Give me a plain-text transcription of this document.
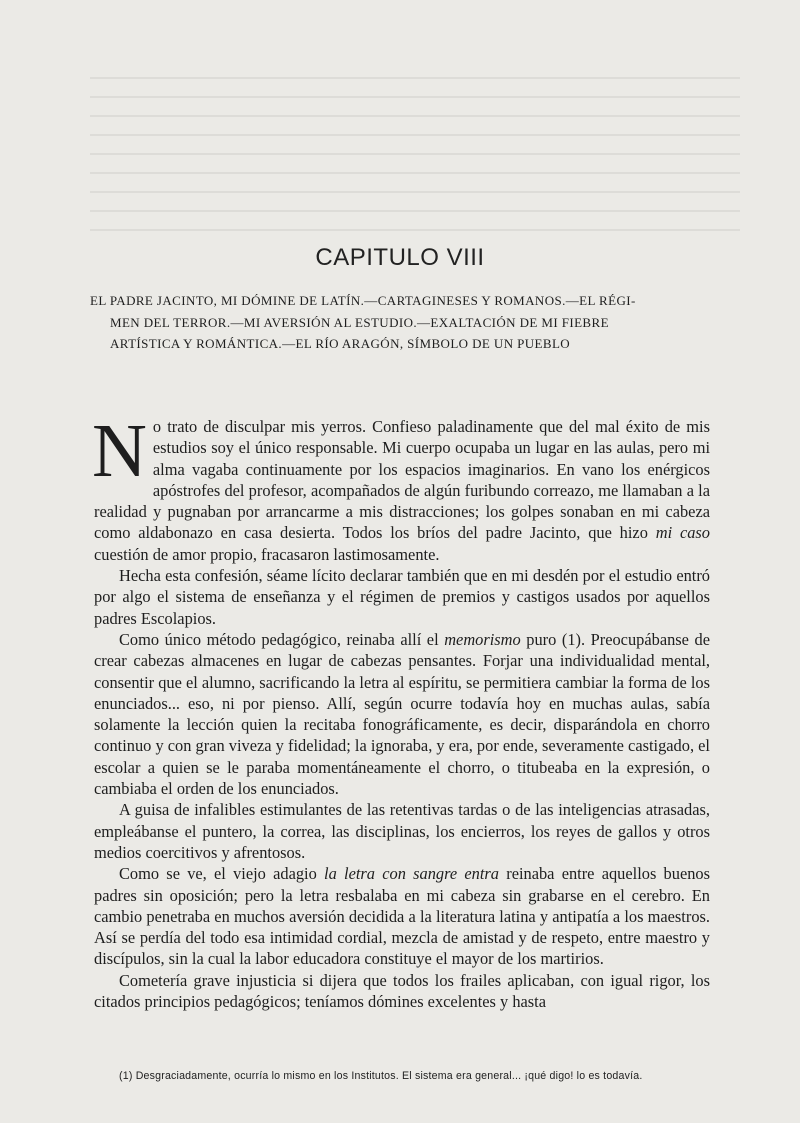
CAPITULO VIII
EL PADRE JACINTO, MI DÓMINE DE LATÍN.—CARTAGINESES Y ROMANOS.—EL RÉGI-
MEN DEL TERROR.—MI AVERSIÓN AL ESTUDIO.—EXALTACIÓN DE MI FIEBRE
ARTÍSTICA Y ROMÁNTICA.—EL RÍO ARAGÓN, SÍMBOLO DE UN PUEBLO

No trato de disculpar mis yerros. Confieso paladinamente que del mal éxito de mis estudios soy el único responsable. Mi cuerpo ocupaba un lugar en las aulas, pero mi alma vagaba continuamente por los espacios imaginarios. En vano los enérgicos apóstrofes del profesor, acompañados de algún furibundo correazo, me llamaban a la realidad y pugnaban por arrancarme a mis distracciones; los golpes sonaban en mi cabeza como aldabonazo en casa desierta. Todos los bríos del padre Jacinto, que hizo mi caso cuestión de amor propio, fracasaron lastimosamente.

Hecha esta confesión, séame lícito declarar también que en mi desdén por el estudio entró por algo el sistema de enseñanza y el régimen de premios y castigos usados por aquellos padres Escolapios.

Como único método pedagógico, reinaba allí el memorismo puro (1). Preocupábanse de crear cabezas almacenes en lugar de cabezas pensantes. Forjar una individualidad mental, consentir que el alumno, sacrificando la letra al espíritu, se permitiera cambiar la forma de los enunciados... eso, ni por pienso. Allí, según ocurre todavía hoy en muchas aulas, sabía solamente la lección quien la recitaba fonográficamente, es decir, disparándola en chorro continuo y con gran viveza y fidelidad; la ignoraba, y era, por ende, severamente castigado, el escolar a quien se le paraba momentáneamente el chorro, o titubeaba en la expresión, o cambiaba el orden de los enunciados.

A guisa de infalibles estimulantes de las retentivas tardas o de las inteligencias atrasadas, empleábanse el puntero, la correa, las disciplinas, los encierros, los reyes de gallos y otros medios coercitivos y afrentosos.

Como se ve, el viejo adagio la letra con sangre entra reinaba entre aquellos buenos padres sin oposición; pero la letra resbalaba en mi cabeza sin grabarse en el cerebro. En cambio penetraba en muchos aversión decidida a la literatura latina y antipatía a los maestros. Así se perdía del todo esa intimidad cordial, mezcla de amistad y de respeto, entre maestro y discípulos, sin la cual la labor educadora constituye el mayor de los martirios.

Cometería grave injusticia si dijera que todos los frailes aplicaban, con igual rigor, los citados principios pedagógicos; teníamos dómines excelentes y hasta

(1) Desgraciadamente, ocurría lo mismo en los Institutos. El sistema era general... ¡qué digo! lo es todavía.
